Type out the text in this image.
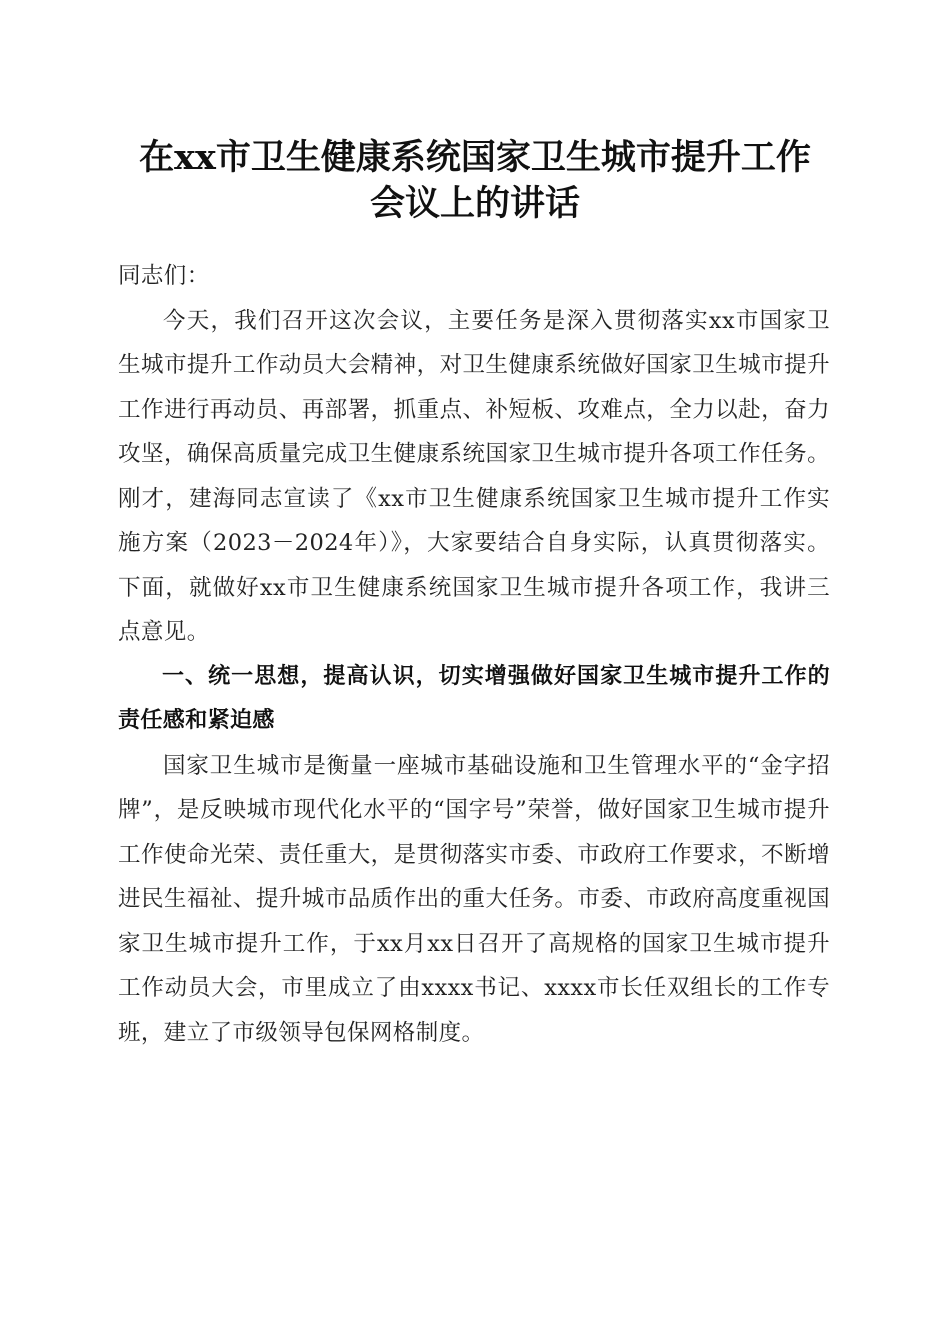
在xx市卫生健康系统国家卫生城市提升工作
会议上的讲话

同志们：

今天，我们召开这次会议，主要任务是深入贯彻落实xx市国家卫生城市提升工作动员大会精神，对卫生健康系统做好国家卫生城市提升工作进行再动员、再部署，抓重点、补短板、攻难点，全力以赴，奋力攻坚，确保高质量完成卫生健康系统国家卫生城市提升各项工作任务。刚才，建海同志宣读了《xx市卫生健康系统国家卫生城市提升工作实施方案（2023－2024年）》，大家要结合自身实际，认真贯彻落实。下面，就做好xx市卫生健康系统国家卫生城市提升各项工作，我讲三点意见。

一、统一思想，提高认识，切实增强做好国家卫生城市提升工作的责任感和紧迫感

国家卫生城市是衡量一座城市基础设施和卫生管理水平的“金字招牌”，是反映城市现代化水平的“国字号”荣誉，做好国家卫生城市提升工作使命光荣、责任重大，是贯彻落实市委、市政府工作要求，不断增进民生福祉、提升城市品质作出的重大任务。市委、市政府高度重视国家卫生城市提升工作，于xx月xx日召开了高规格的国家卫生城市提升工作动员大会，市里成立了由xxxx书记、xxxx市长任双组长的工作专班，建立了市级领导包保网格制度。
